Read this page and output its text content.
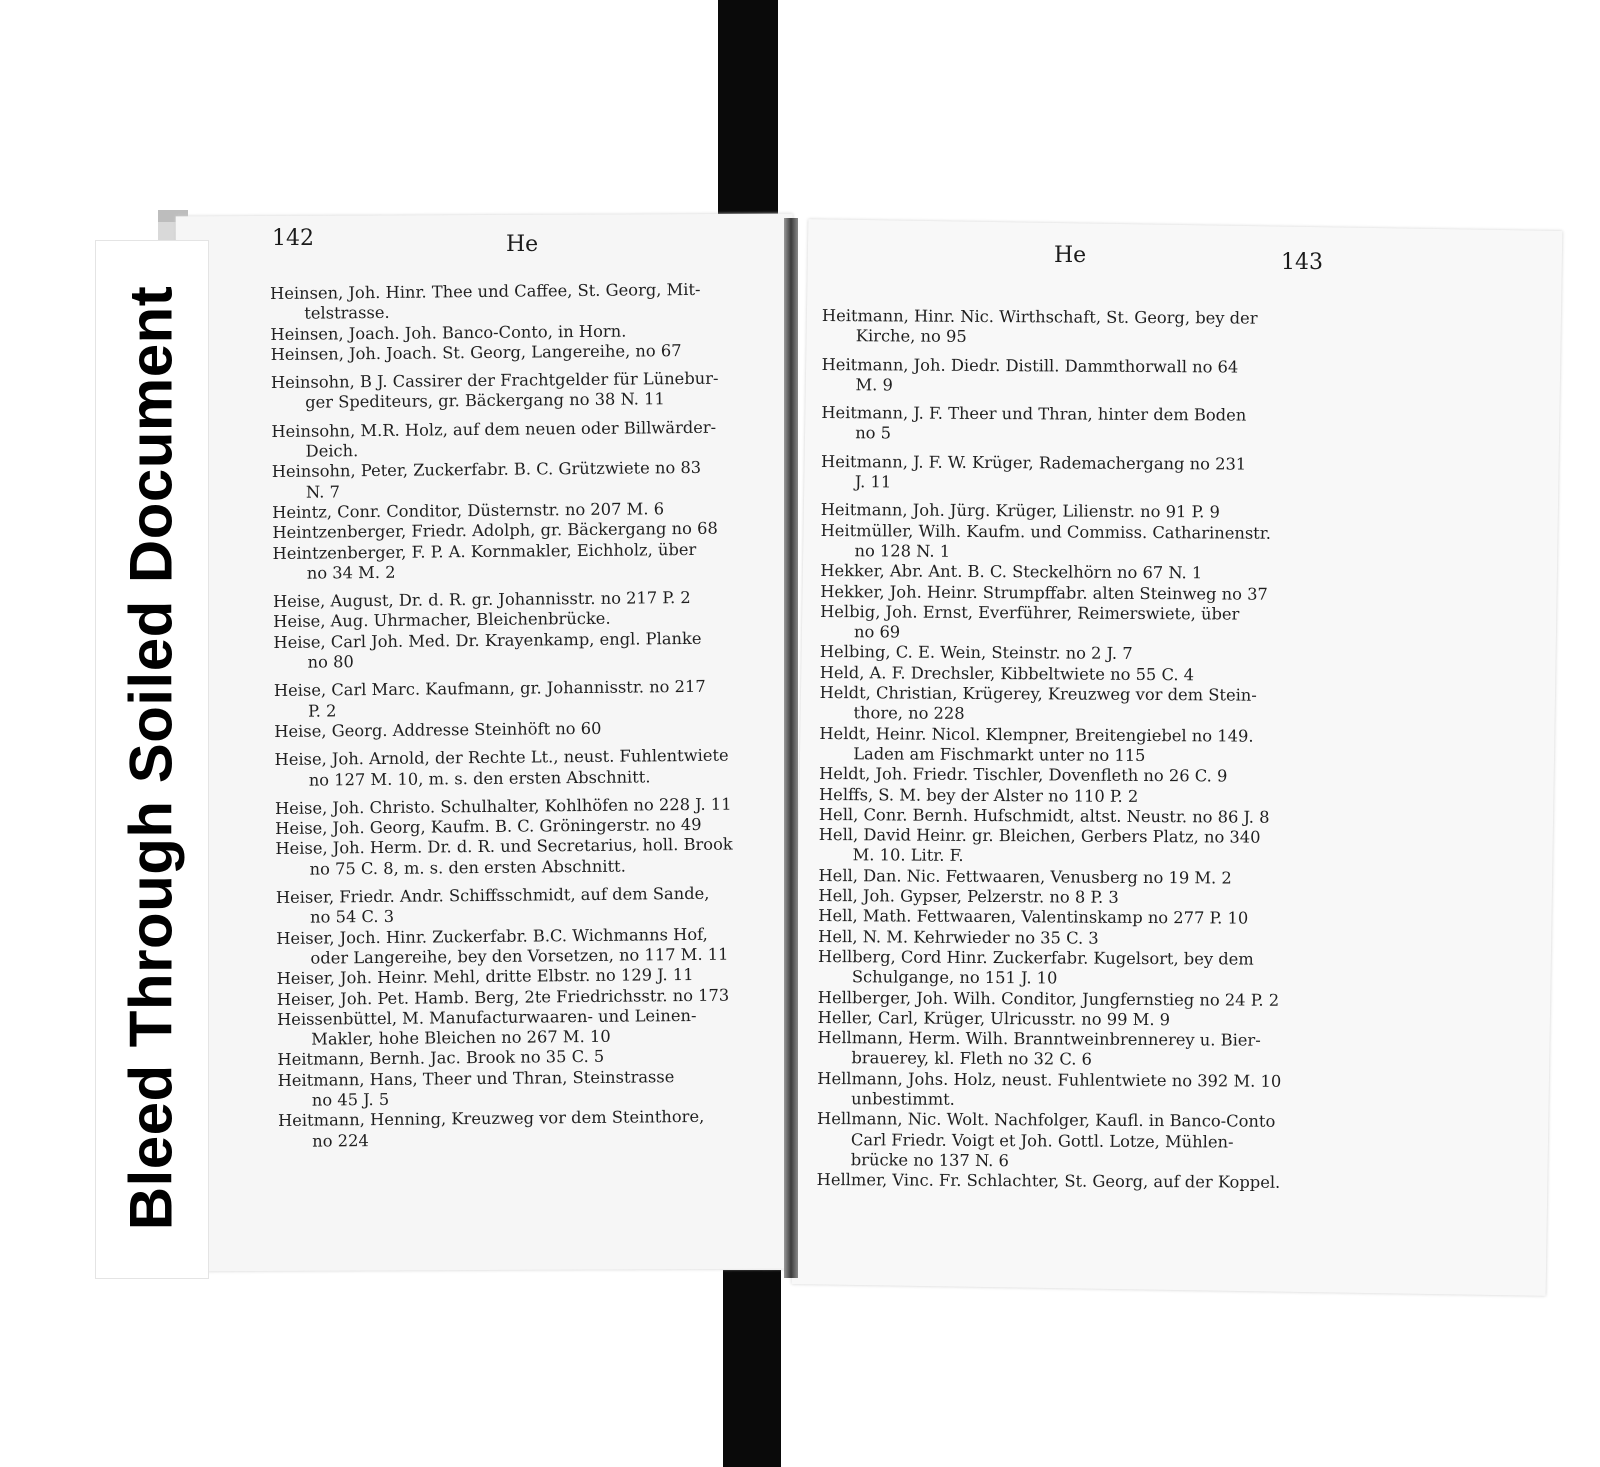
Bleed Through Soiled Document
142	He	He	143
Heinsen, Joh. Hinr. Thee und Caffee, St. Georg, Mit-
telstrasse.
Heinsen, Joach. Joh. Banco-Conto, in Horn.
Heinsen, Joh. Joach. St. Georg, Langereihe, no 67
Heinsohn, B J. Cassirer der Frachtgelder für Lünebur-
ger Spediteurs, gr. Bäckergang no 38 N. 11
Heinsohn, M.R. Holz, auf dem neuen oder Billwärder-
Deich.
Heinsohn, Peter, Zuckerfabr. B. C. Grützwiete no 83
N. 7
Heintz, Conr. Conditor, Düsternstr. no 207 M. 6
Heintzenberger, Friedr. Adolph, gr. Bäckergang no 68
Heintzenberger, F. P. A. Kornmakler, Eichholz, über
no 34 M. 2
Heise, August, Dr. d. R. gr. Johannisstr. no 217 P. 2
Heise, Aug. Uhrmacher, Bleichenbrücke.
Heise, Carl Joh. Med. Dr. Krayenkamp, engl. Planke
no 80
Heise, Carl Marc. Kaufmann, gr. Johannisstr. no 217
P. 2
Heise, Georg. Addresse Steinhöft no 60
Heise, Joh. Arnold, der Rechte Lt., neust. Fuhlentwiete
no 127 M. 10, m. s. den ersten Abschnitt.
Heise, Joh. Christo. Schulhalter, Kohlhöfen no 228 J. 11
Heise, Joh. Georg, Kaufm. B. C. Gröningerstr. no 49
Heise, Joh. Herm. Dr. d. R. und Secretarius, holl. Brook
no 75 C. 8, m. s. den ersten Abschnitt.
Heiser, Friedr. Andr. Schiffsschmidt, auf dem Sande,
no 54 C. 3
Heiser, Joch. Hinr. Zuckerfabr. B.C. Wichmanns Hof,
oder Langereihe, bey den Vorsetzen, no 117 M. 11
Heiser, Joh. Heinr. Mehl, dritte Elbstr. no 129 J. 11
Heiser, Joh. Pet. Hamb. Berg, 2te Friedrichsstr. no 173
Heissenbüttel, M. Manufacturwaaren- und Leinen-
Makler, hohe Bleichen no 267 M. 10
Heitmann, Bernh. Jac. Brook no 35 C. 5
Heitmann, Hans, Theer und Thran, Steinstrasse
no 45 J. 5
Heitmann, Henning, Kreuzweg vor dem Steinthore,
no 224
Heitmann, Hinr. Nic. Wirthschaft, St. Georg, bey der
Kirche, no 95
Heitmann, Joh. Diedr. Distill. Dammthorwall no 64
M. 9
Heitmann, J. F. Theer und Thran, hinter dem Boden
no 5
Heitmann, J. F. W. Krüger, Rademachergang no 231
J. 11
Heitmann, Joh. Jürg. Krüger, Lilienstr. no 91 P. 9
Heitmüller, Wilh. Kaufm. und Commiss. Catharinenstr.
no 128 N. 1
Hekker, Abr. Ant. B. C. Steckelhörn no 67 N. 1
Hekker, Joh. Heinr. Strumpffabr. alten Steinweg no 37
Helbig, Joh. Ernst, Everführer, Reimerswiete, über
no 69
Helbing, C. E. Wein, Steinstr. no 2 J. 7
Held, A. F. Drechsler, Kibbeltwiete no 55 C. 4
Heldt, Christian, Krügerey, Kreuzweg vor dem Stein-
thore, no 228
Heldt, Heinr. Nicol. Klempner, Breitengiebel no 149.
Laden am Fischmarkt unter no 115
Heldt, Joh. Friedr. Tischler, Dovenfleth no 26 C. 9
Helffs, S. M. bey der Alster no 110 P. 2
Hell, Conr. Bernh. Hufschmidt, altst. Neustr. no 86 J. 8
Hell, David Heinr. gr. Bleichen, Gerbers Platz, no 340
M. 10. Litr. F.
Hell, Dan. Nic. Fettwaaren, Venusberg no 19 M. 2
Hell, Joh. Gypser, Pelzerstr. no 8 P. 3
Hell, Math. Fettwaaren, Valentinskamp no 277 P. 10
Hell, N. M. Kehrwieder no 35 C. 3
Hellberg, Cord Hinr. Zuckerfabr. Kugelsort, bey dem
Schulgange, no 151 J. 10
Hellberger, Joh. Wilh. Conditor, Jungfernstieg no 24 P. 2
Heller, Carl, Krüger, Ulricusstr. no 99 M. 9
Hellmann, Herm. Wilh. Branntweinbrennerey u. Bier-
brauerey, kl. Fleth no 32 C. 6
Hellmann, Johs. Holz, neust. Fuhlentwiete no 392 M. 10
unbestimmt.
Hellmann, Nic. Wolt. Nachfolger, Kaufl. in Banco-Conto
Carl Friedr. Voigt et Joh. Gottl. Lotze, Mühlen-
brücke no 137 N. 6
Hellmer, Vinc. Fr. Schlachter, St. Georg, auf der Koppel.
